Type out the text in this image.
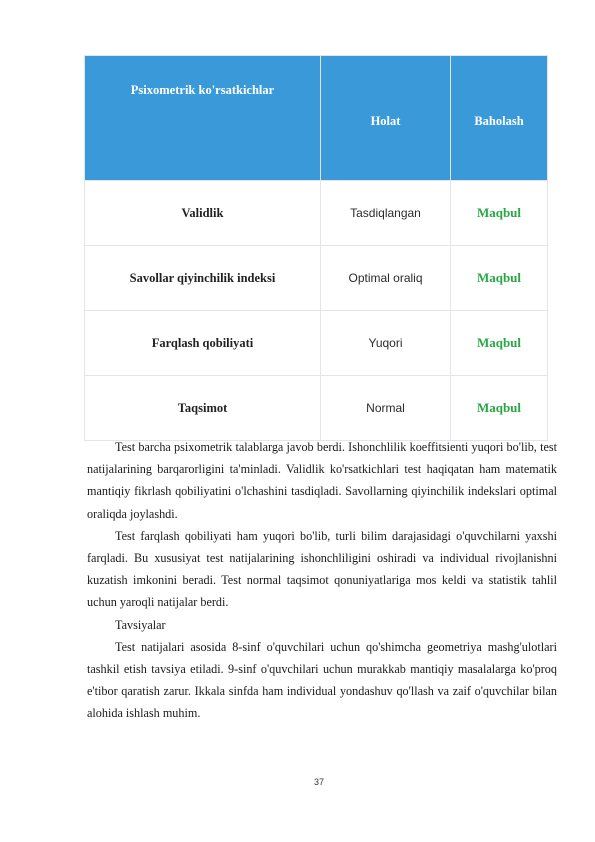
Psixometrik ko'rsatkichlar	Holat	Baholash
Validlik	Tasdiqlangan	Maqbul
Savollar qiyinchilik indeksi	Optimal oraliq	Maqbul
Farqlash qobiliyati	Yuqori	Maqbul
Taqsimot	Normal	Maqbul

Test barcha psixometrik talablarga javob berdi. Ishonchlilik koeffitsienti yuqori bo'lib, test natijalarining barqarorligini ta'minladi. Validlik ko'rsatkichlari test haqiqatan ham matematik mantiqiy fikrlash qobiliyatini o'lchashini tasdiqladi. Savollarning qiyinchilik indekslari optimal oraliqda joylashdi.

Test farqlash qobiliyati ham yuqori bo'lib, turli bilim darajasidagi o'quvchilarni yaxshi farqladi. Bu xususiyat test natijalarining ishonchliligini oshiradi va individual rivojlanishni kuzatish imkonini beradi. Test normal taqsimot qonuniyatlariga mos keldi va statistik tahlil uchun yaroqli natijalar berdi.

Tavsiyalar

Test natijalari asosida 8-sinf o'quvchilari uchun qo'shimcha geometriya mashg'ulotlari tashkil etish tavsiya etiladi. 9-sinf o'quvchilari uchun murakkab mantiqiy masalalarga ko'proq e'tibor qaratish zarur. Ikkala sinfda ham individual yondashuv qo'llash va zaif o'quvchilar bilan alohida ishlash muhim.

37
